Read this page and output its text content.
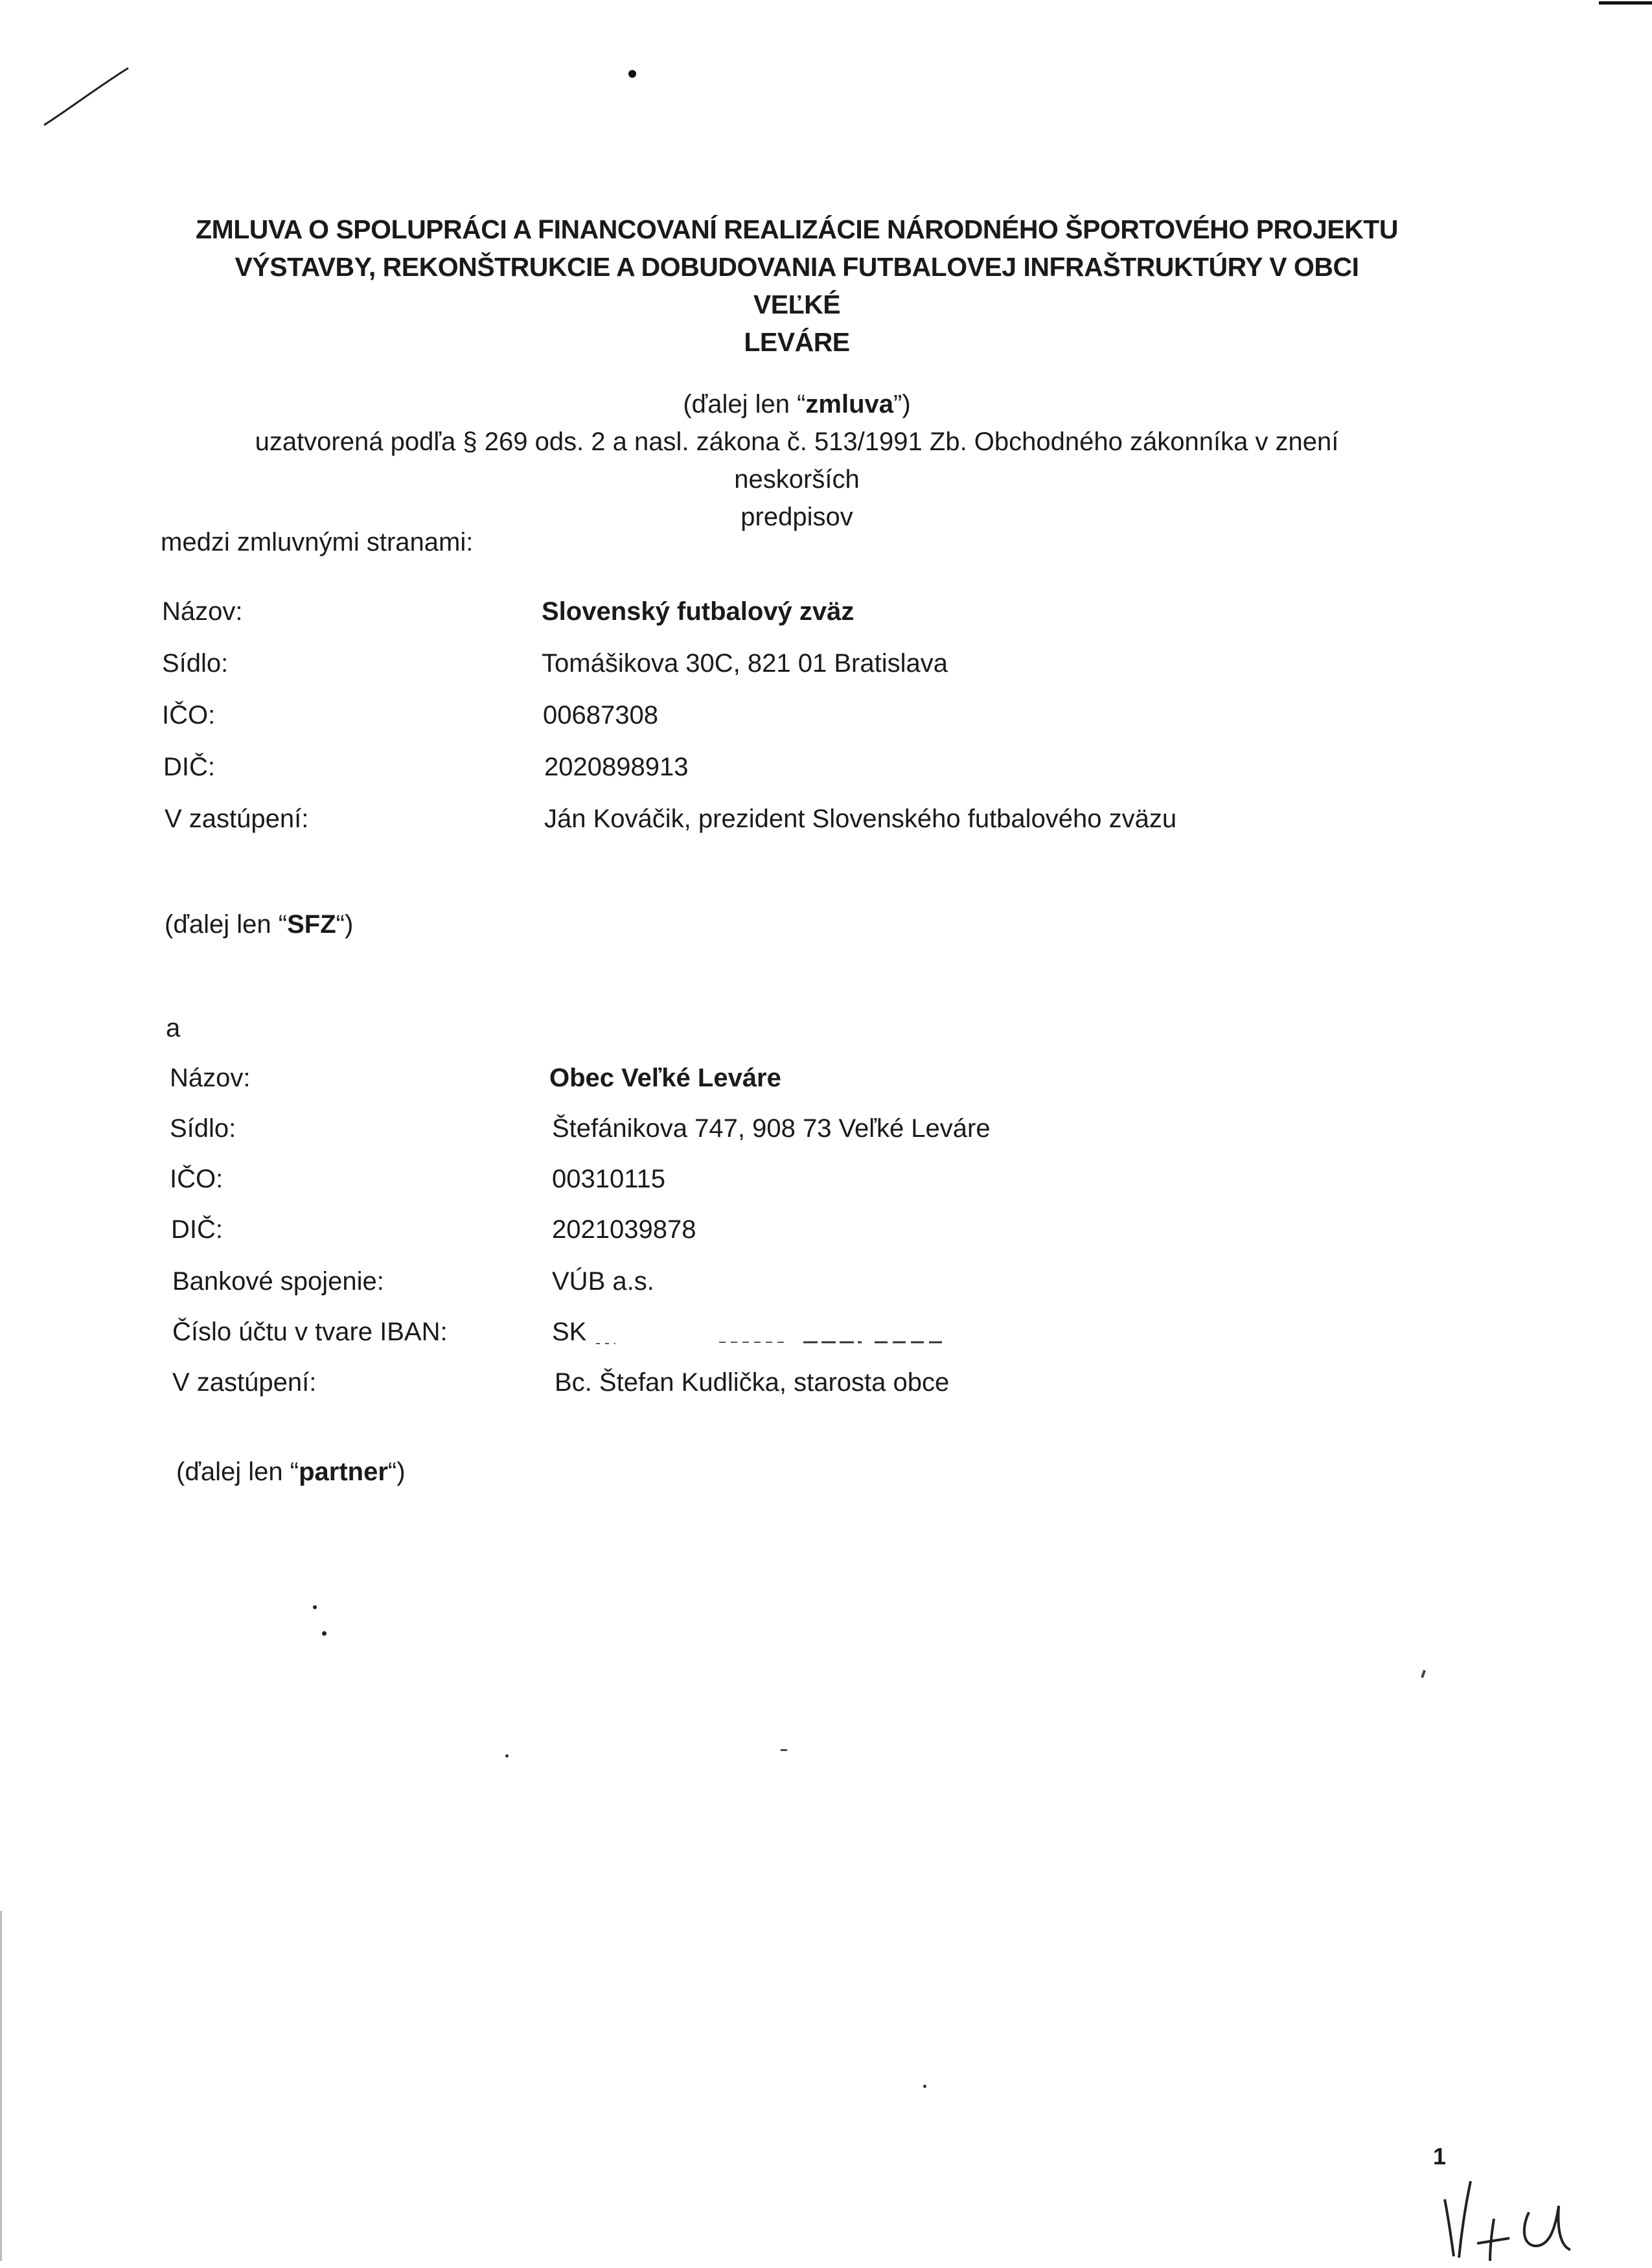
ZMLUVA O SPOLUPRÁCI A FINANCOVANÍ REALIZÁCIE NÁRODNÉHO ŠPORTOVÉHO PROJEKTU
VÝSTAVBY, REKONŠTRUKCIE A DOBUDOVANIA FUTBALOVEJ INFRAŠTRUKTÚRY V OBCI VEĽKÉ
LEVÁRE
(ďalej len “zmluva”)
uzatvorená podľa § 269 ods. 2 a nasl. zákona č. 513/1991 Zb. Obchodného zákonníka v znení neskorších
predpisov
medzi zmluvnými stranami:
Názov:	Slovenský futbalový zväz
Sídlo:	Tomášikova 30C, 821 01 Bratislava
IČO:	00687308
DIČ:	2020898913
V zastúpení:	Ján Kováčik, prezident Slovenského futbalového zväzu
(ďalej len “SFZ“)
a
Názov:	Obec Veľké Leváre
Sídlo:	Štefánikova 747, 908 73 Veľké Leváre
IČO:	00310115
DIČ:	2021039878
Bankové spojenie:	VÚB a.s.
Číslo účtu v tvare IBAN:	SK
V zastúpení:	Bc. Štefan Kudlička, starosta obce
(ďalej len “partner“)
1
